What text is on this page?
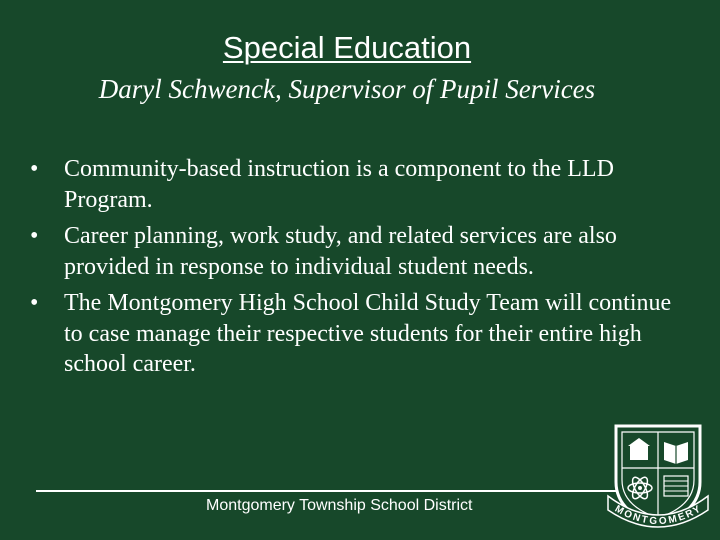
Special Education
Daryl Schwenck, Supervisor of Pupil Services
•	Community-based instruction is a component to the LLD Program.
•	Career planning, work study, and related services are also provided in response to individual student needs.
•	The Montgomery High School Child Study Team will continue to case manage their respective students for their entire high school career.
Montgomery Township School District	MONTGOMERY
